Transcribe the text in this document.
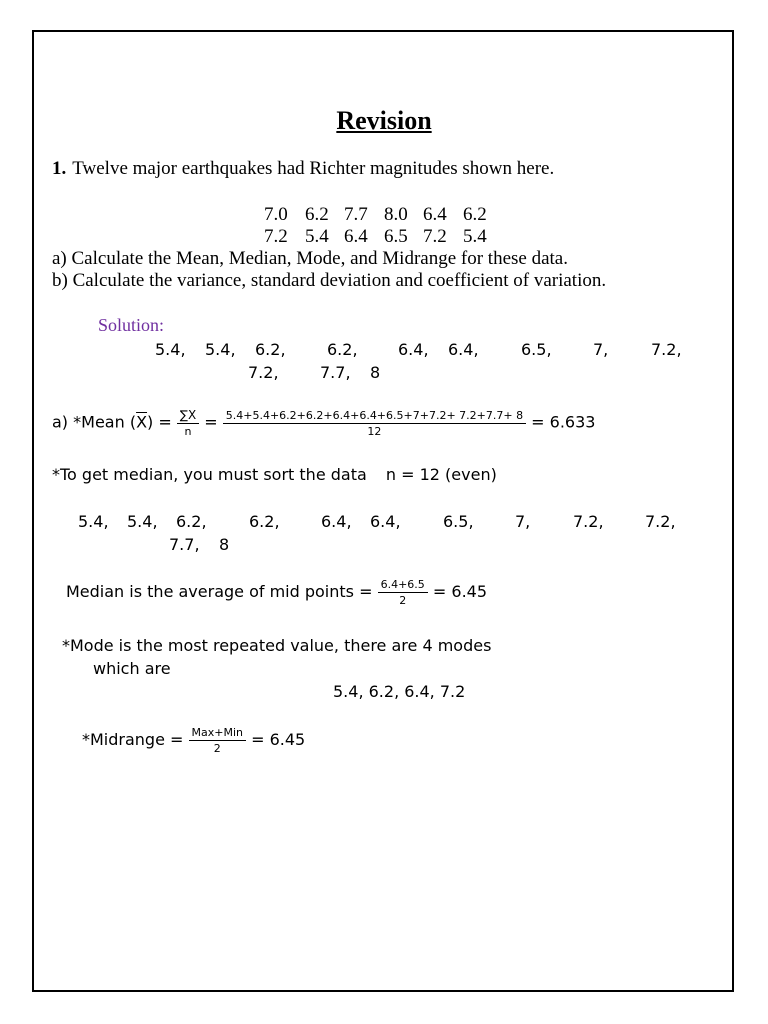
Revision
1. Twelve major earthquakes had Richter magnitudes shown here.
7.0 6.2 7.7 8.0 6.4 6.2
7.2 5.4 6.4 6.5 7.2 5.4
a) Calculate the Mean, Median, Mode, and Midrange for these data.
b) Calculate the variance, standard deviation and coefficient of variation.
Solution:
5.4, 5.4, 6.2,	6.2,	6.4, 6.4,	6.5,	7,	7.2,
7.2,	7.7, 8
a) *Mean $(\overline{X}) = \frac{\sum X}{n} = \frac{5.4+5.4+6.2+6.2+6.4+6.4+6.5+7+7.2+ 7.2+7.7+ 8}{12} = 6.633$
*To get median, you must sort the data n = 12 (even)
5.4, 5.4, 6.2,	6.2,	6.4, 6.4,	6.5,	7,	7.2,	7.2,
7.7, 8
Median is the average of mid points = $\frac{6.4+6.5}{2} = 6.45$
*Mode is the most repeated value, there are 4 modes
which are
5.4, 6.2, 6.4, 7.2
*Midrange = $\frac{\text{Max+Min}}{2} = 6.45$
